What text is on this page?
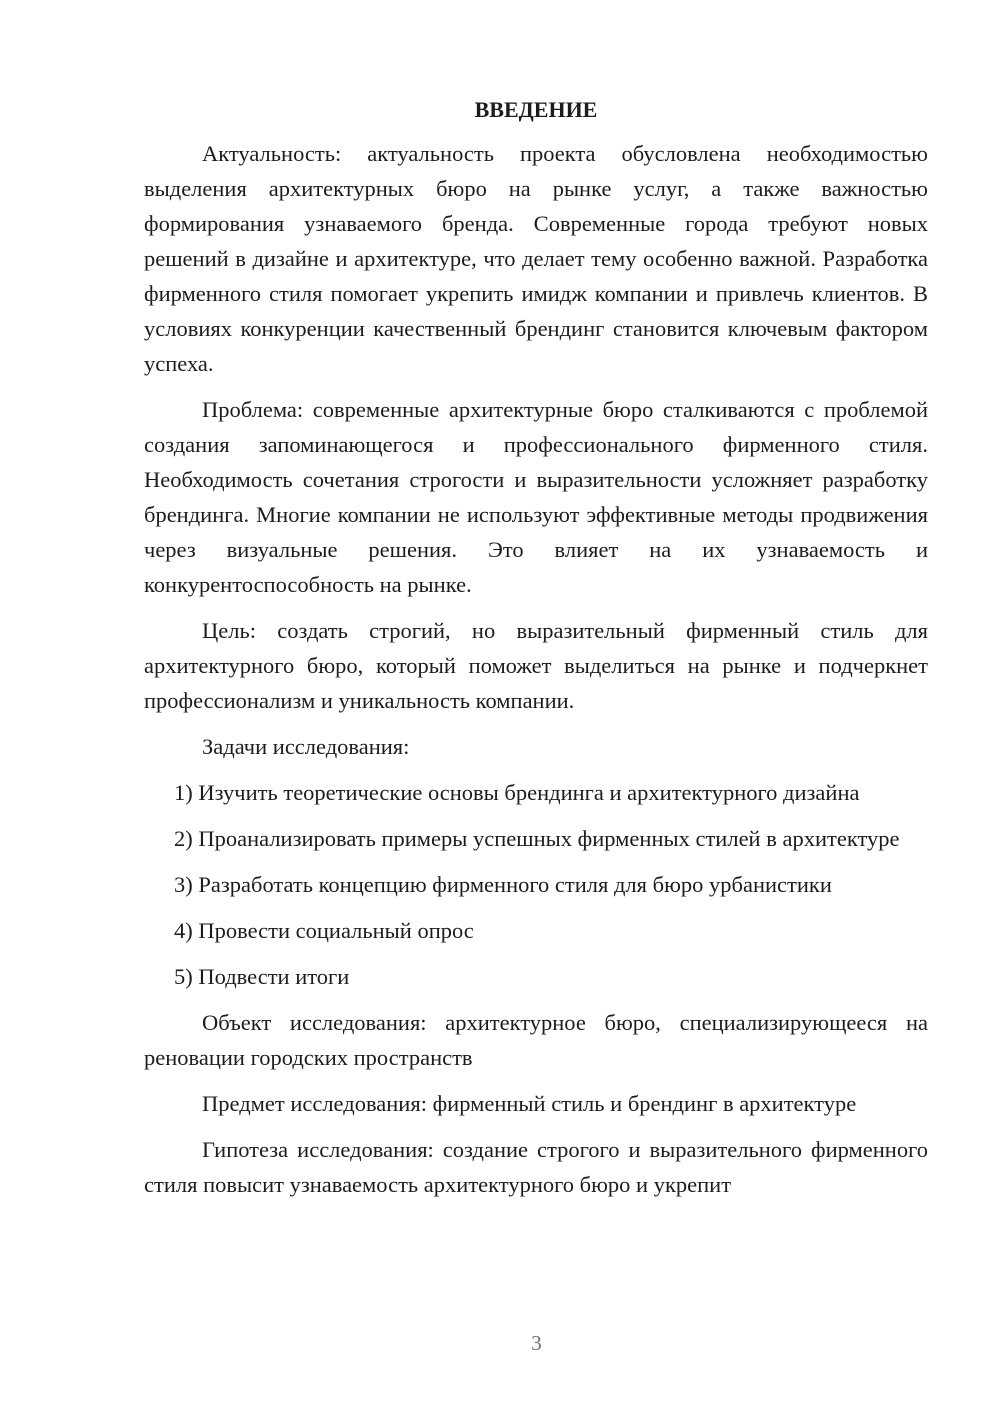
ВВЕДЕНИЕ

Актуальность: актуальность проекта обусловлена необходимостью выделения архитектурных бюро на рынке услуг, а также важностью формирования узнаваемого бренда. Современные города требуют новых решений в дизайне и архитектуре, что делает тему особенно важной. Разработка фирменного стиля помогает укрепить имидж компании и привлечь клиентов. В условиях конкуренции качественный брендинг становится ключевым фактором успеха.

Проблема: современные архитектурные бюро сталкиваются с проблемой создания запоминающегося и профессионального фирменного стиля. Необходимость сочетания строгости и выразительности усложняет разработку брендинга. Многие компании не используют эффективные методы продвижения через визуальные решения. Это влияет на их узнаваемость и конкурентоспособность на рынке.

Цель: создать строгий, но выразительный фирменный стиль для архитектурного бюро, который поможет выделиться на рынке и подчеркнет профессионализм и уникальность компании.

Задачи исследования:

1) Изучить теоретические основы брендинга и архитектурного дизайна

2) Проанализировать примеры успешных фирменных стилей в архитектуре

3) Разработать концепцию фирменного стиля для бюро урбанистики

4) Провести социальный опрос

5) Подвести итоги

Объект исследования: архитектурное бюро, специализирующееся на реновации городских пространств

Предмет исследования: фирменный стиль и брендинг в архитектуре

Гипотеза исследования: создание строгого и выразительного фирменного стиля повысит узнаваемость архитектурного бюро и укрепит

3
